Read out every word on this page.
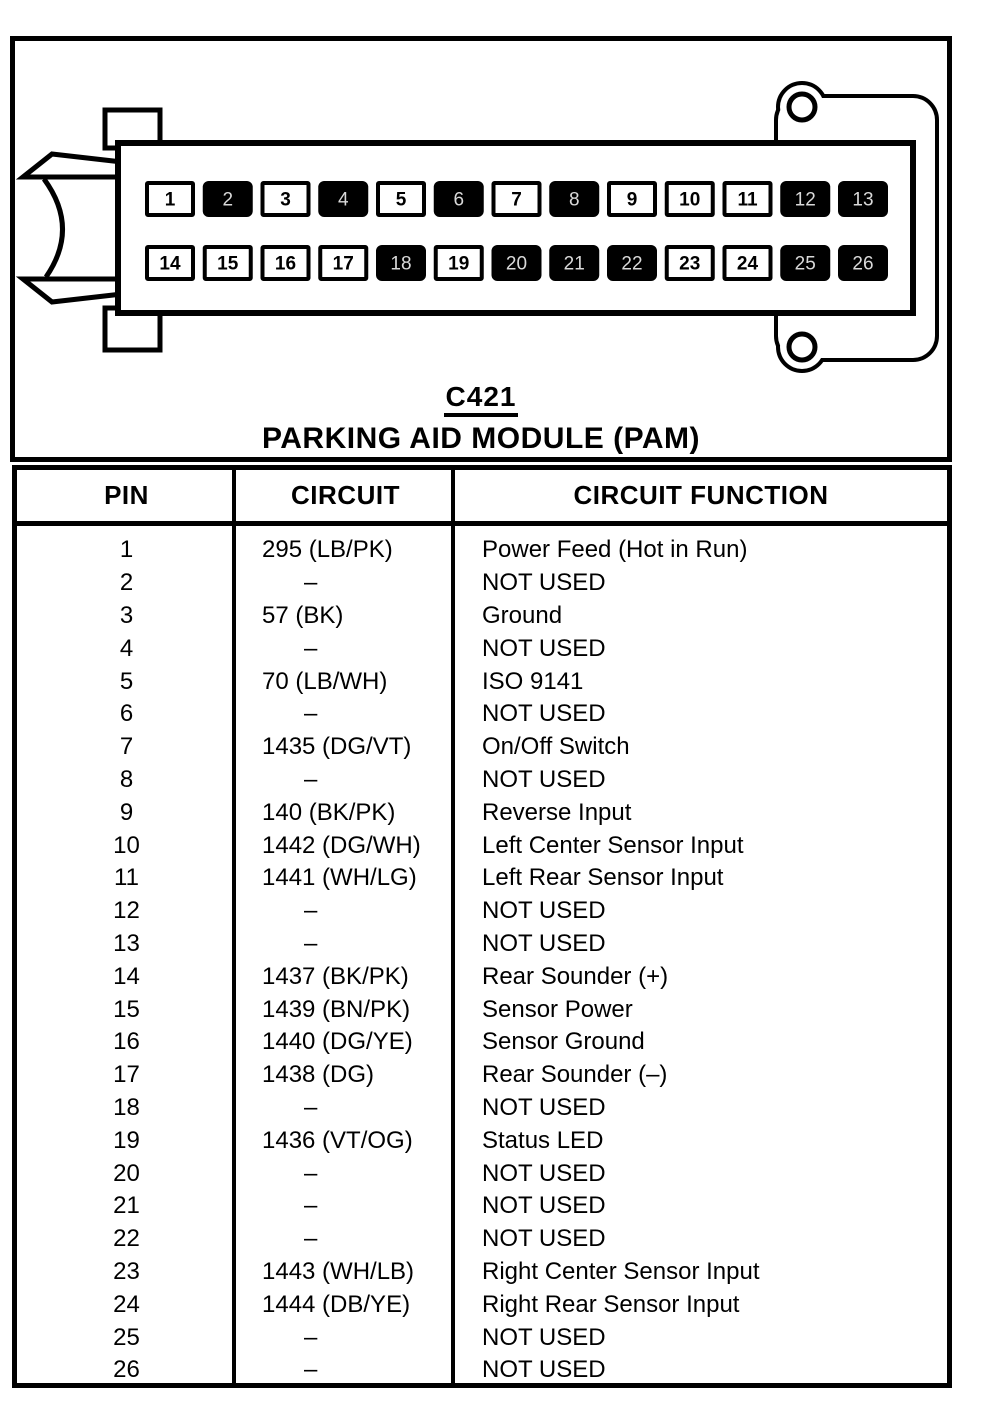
1 2 3 4 5 6 7 8 9 10 11 12 13
14 15 16 17 18 19 20 21 22 23 24 25 26
C421
PARKING AID MODULE (PAM)
PIN	CIRCUIT	CIRCUIT FUNCTION
1	295 (LB/PK)	Power Feed (Hot in Run)
2	–	NOT USED
3	57 (BK)	Ground
4	–	NOT USED
5	70 (LB/WH)	ISO 9141
6	–	NOT USED
7	1435 (DG/VT)	On/Off Switch
8	–	NOT USED
9	140 (BK/PK)	Reverse Input
10	1442 (DG/WH)	Left Center Sensor Input
11	1441 (WH/LG)	Left Rear Sensor Input
12	–	NOT USED
13	–	NOT USED
14	1437 (BK/PK)	Rear Sounder (+)
15	1439 (BN/PK)	Sensor Power
16	1440 (DG/YE)	Sensor Ground
17	1438 (DG)	Rear Sounder (–)
18	–	NOT USED
19	1436 (VT/OG)	Status LED
20	–	NOT USED
21	–	NOT USED
22	–	NOT USED
23	1443 (WH/LB)	Right Center Sensor Input
24	1444 (DB/YE)	Right Rear Sensor Input
25	–	NOT USED
26	–	NOT USED
